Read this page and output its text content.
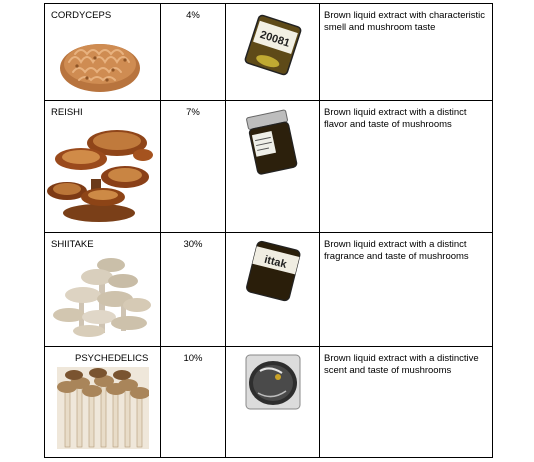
CORDYCEPS	4%	20081	Brown liquid extract with characteristic smell and mushroom taste

REISHI	7%		Brown liquid extract with a distinct flavor and taste of mushrooms

SHIITAKE	30%	ittak	Brown liquid extract with a distinct fragrance and taste of mushrooms

PSYCHEDELICS	10%		Brown liquid extract with a distinctive scent and taste of mushrooms
